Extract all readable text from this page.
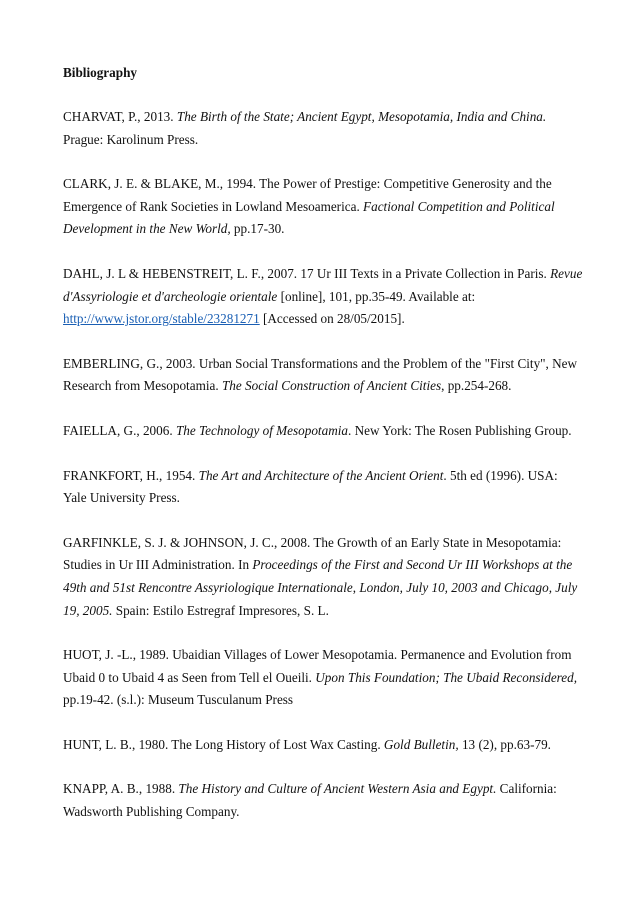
Bibliography
CHARVAT, P., 2013. The Birth of the State; Ancient Egypt, Mesopotamia, India and China. Prague: Karolinum Press.
CLARK, J. E. & BLAKE, M., 1994. The Power of Prestige: Competitive Generosity and the Emergence of Rank Societies in Lowland Mesoamerica. Factional Competition and Political Development in the New World, pp.17-30.
DAHL, J. L & HEBENSTREIT, L. F., 2007. 17 Ur III Texts in a Private Collection in Paris. Revue d'Assyriologie et d'archeologie orientale [online], 101, pp.35-49. Available at: http://www.jstor.org/stable/23281271 [Accessed on 28/05/2015].
EMBERLING, G., 2003. Urban Social Transformations and the Problem of the "First City", New Research from Mesopotamia. The Social Construction of Ancient Cities, pp.254-268.
FAIELLA, G., 2006. The Technology of Mesopotamia. New York: The Rosen Publishing Group.
FRANKFORT, H., 1954. The Art and Architecture of the Ancient Orient. 5th ed (1996). USA: Yale University Press.
GARFINKLE, S. J. & JOHNSON, J. C., 2008. The Growth of an Early State in Mesopotamia: Studies in Ur III Administration. In Proceedings of the First and Second Ur III Workshops at the 49th and 51st Rencontre Assyriologique Internationale, London, July 10, 2003 and Chicago, July 19, 2005. Spain: Estilo Estregraf Impresores, S. L.
HUOT, J. -L., 1989. Ubaidian Villages of Lower Mesopotamia. Permanence and Evolution from Ubaid 0 to Ubaid 4 as Seen from Tell el Oueili. Upon This Foundation; The Ubaid Reconsidered, pp.19-42. (s.l.): Museum Tusculanum Press
HUNT, L. B., 1980. The Long History of Lost Wax Casting. Gold Bulletin, 13 (2), pp.63-79.
KNAPP, A. B., 1988. The History and Culture of Ancient Western Asia and Egypt. California: Wadsworth Publishing Company.
